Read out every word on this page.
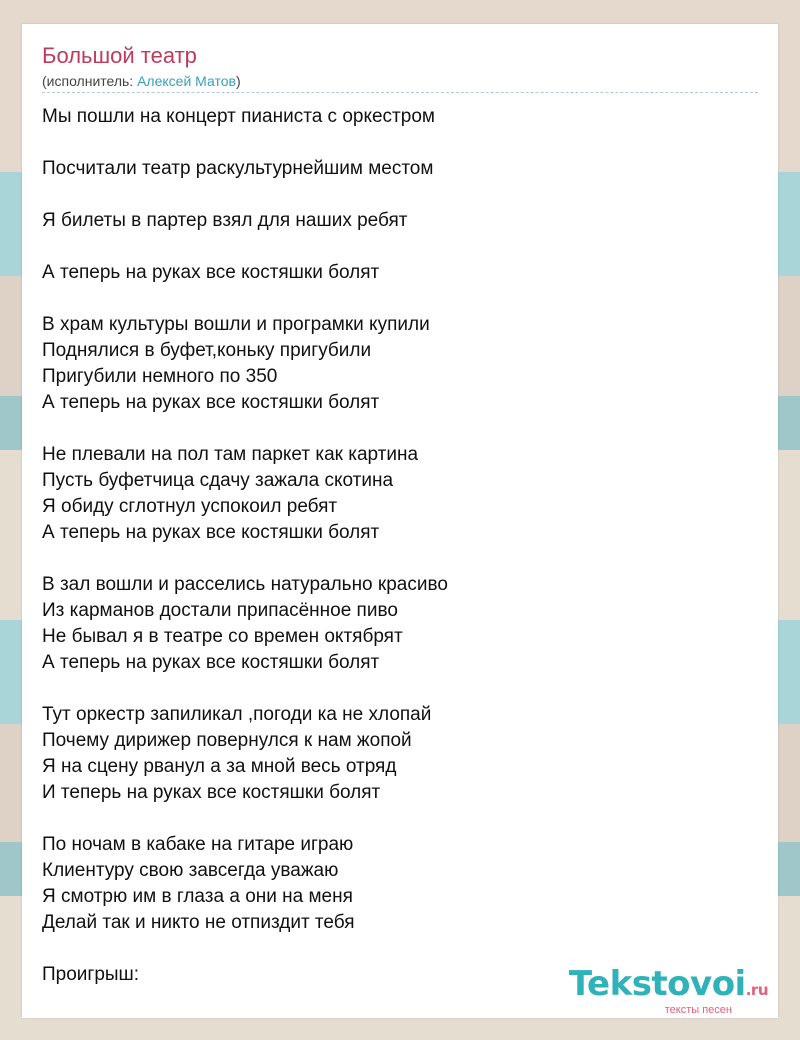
Большой театр
(исполнитель: Алексей Матов)
Мы пошли на концерт пианиста с оркестром
Посчитали театр раскультурнейшим местом
Я билеты в партер взял для наших ребят
А теперь на руках все костяшки болят
В храм культуры вошли и програмки купили
Поднялися в буфет,коньку пригубили
Пригубили немного по 350
А теперь на руках все костяшки болят
Не плевали на пол там паркет как картина
Пусть буфетчица сдачу зажала скотина
Я обиду сглотнул успокоил ребят
А теперь на руках все костяшки болят
В зал вошли и расселись натурально красиво
Из карманов достали припасённое пиво
Не бывал я в театре со времен октябрят
А теперь на руках все костяшки болят
Тут оркестр запиликал ,погоди ка не хлопай
Почему дирижер повернулся к нам жопой
Я на сцену рванул а за мной весь отряд
И теперь на руках все костяшки болят
По ночам в кабаке на гитаре играю
Клиентуру свою завсегда уважаю
Я смотрю им в глаза а они на меня
Делай так и никто не отпиздит тебя
Проигрыш:	Tekstovoi.ru
тексты песен
